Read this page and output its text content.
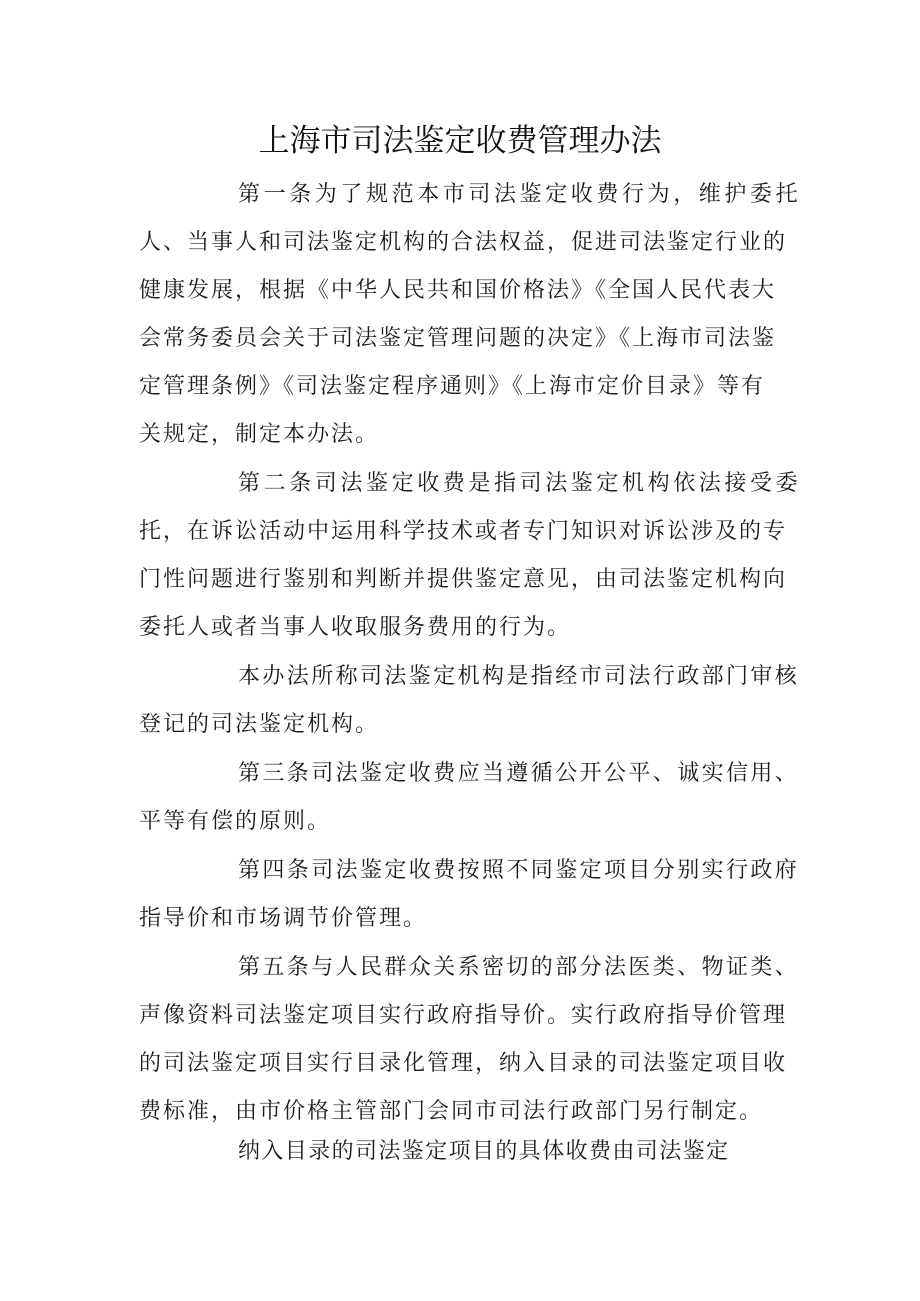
上海市司法鉴定收费管理办法
第一条为了规范本市司法鉴定收费行为，维护委托
人、当事人和司法鉴定机构的合法权益，促进司法鉴定行业的
健康发展，根据《中华人民共和国价格法》《全国人民代表大
会常务委员会关于司法鉴定管理问题的决定》《上海市司法鉴
定管理条例》《司法鉴定程序通则》《上海市定价目录》等有
关规定，制定本办法。
第二条司法鉴定收费是指司法鉴定机构依法接受委
托，在诉讼活动中运用科学技术或者专门知识对诉讼涉及的专
门性问题进行鉴别和判断并提供鉴定意见，由司法鉴定机构向
委托人或者当事人收取服务费用的行为。
本办法所称司法鉴定机构是指经市司法行政部门审核
登记的司法鉴定机构。
第三条司法鉴定收费应当遵循公开公平、诚实信用、
平等有偿的原则。
第四条司法鉴定收费按照不同鉴定项目分别实行政府
指导价和市场调节价管理。
第五条与人民群众关系密切的部分法医类、物证类、
声像资料司法鉴定项目实行政府指导价。实行政府指导价管理
的司法鉴定项目实行目录化管理，纳入目录的司法鉴定项目收
费标准，由市价格主管部门会同市司法行政部门另行制定。
纳入目录的司法鉴定项目的具体收费由司法鉴定
